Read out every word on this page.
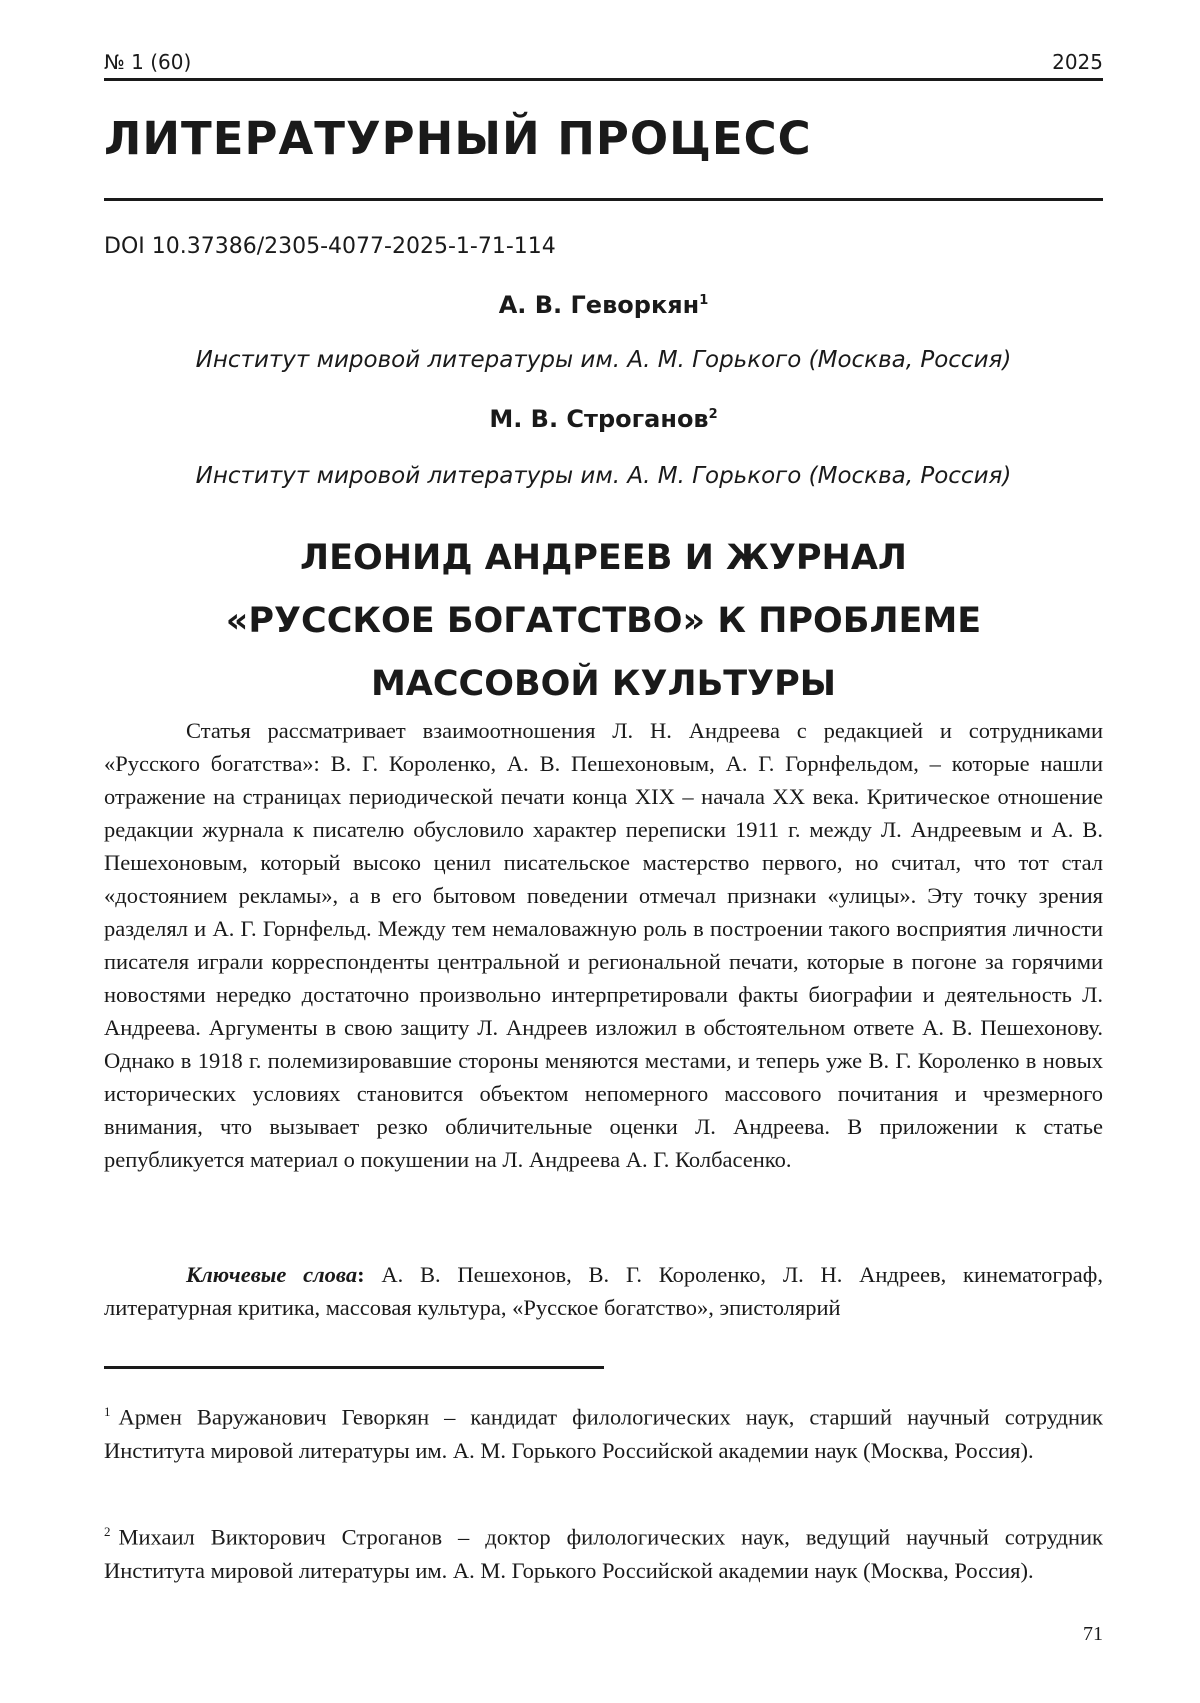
№ 1 (60)	2025
ЛИТЕРАТУРНЫЙ ПРОЦЕСС
DOI 10.37386/2305-4077-2025-1-71-114
А. В. Геворкян$^1$
Институт мировой литературы им. А. М. Горького (Москва, Россия)
М. В. Строганов$^2$
Институт мировой литературы им. А. М. Горького (Москва, Россия)
ЛЕОНИД АНДРЕЕВ И ЖУРНАЛ
«РУССКОЕ БОГАТСТВО» К ПРОБЛЕМЕ
МАССОВОЙ КУЛЬТУРЫ

Статья рассматривает взаимоотношения Л. Н. Андреева с редакцией и сотрудниками «Русского богатства»: В. Г. Короленко, А. В. Пешехоновым, А. Г. Горнфельдом, – которые нашли отражение на страницах периодической печати конца XIX – начала XX века. Критическое отношение редакции журнала к писателю обусловило характер переписки 1911 г. между Л. Андреевым и А. В. Пешехоновым, который высоко ценил писательское мастерство первого, но считал, что тот стал «достоянием рекламы», а в его бытовом поведении отмечал признаки «улицы». Эту точку зрения разделял и А. Г. Горнфельд. Между тем немаловажную роль в построении такого восприятия личности писателя играли корреспонденты центральной и региональной печати, которые в погоне за горячими новостями нередко достаточно произвольно интерпретировали факты биографии и деятельность Л. Андреева. Аргументы в свою защиту Л. Андреев изложил в обстоятельном ответе А. В. Пешехонову. Однако в 1918 г. полемизировавшие стороны меняются местами, и теперь уже В. Г. Короленко в новых исторических условиях становится объектом непомерного массового почитания и чрезмерного внимания, что вызывает резко обличительные оценки Л. Андреева. В приложении к статье републикуется материал о покушении на Л. Андреева А. Г. Колбасенко.

Ключевые слова: А. В. Пешехонов, В. Г. Короленко, Л. Н. Андреев, кинематограф, литературная критика, массовая культура, «Русское богатство», эпистолярий

$^1$ Армен Варужанович Геворкян – кандидат филологических наук, старший научный сотрудник Института мировой литературы им. А. М. Горького Российской академии наук (Москва, Россия).

$^2$ Михаил Викторович Строганов – доктор филологических наук, ведущий научный сотрудник Института мировой литературы им. А. М. Горького Российской академии наук (Москва, Россия).

71
